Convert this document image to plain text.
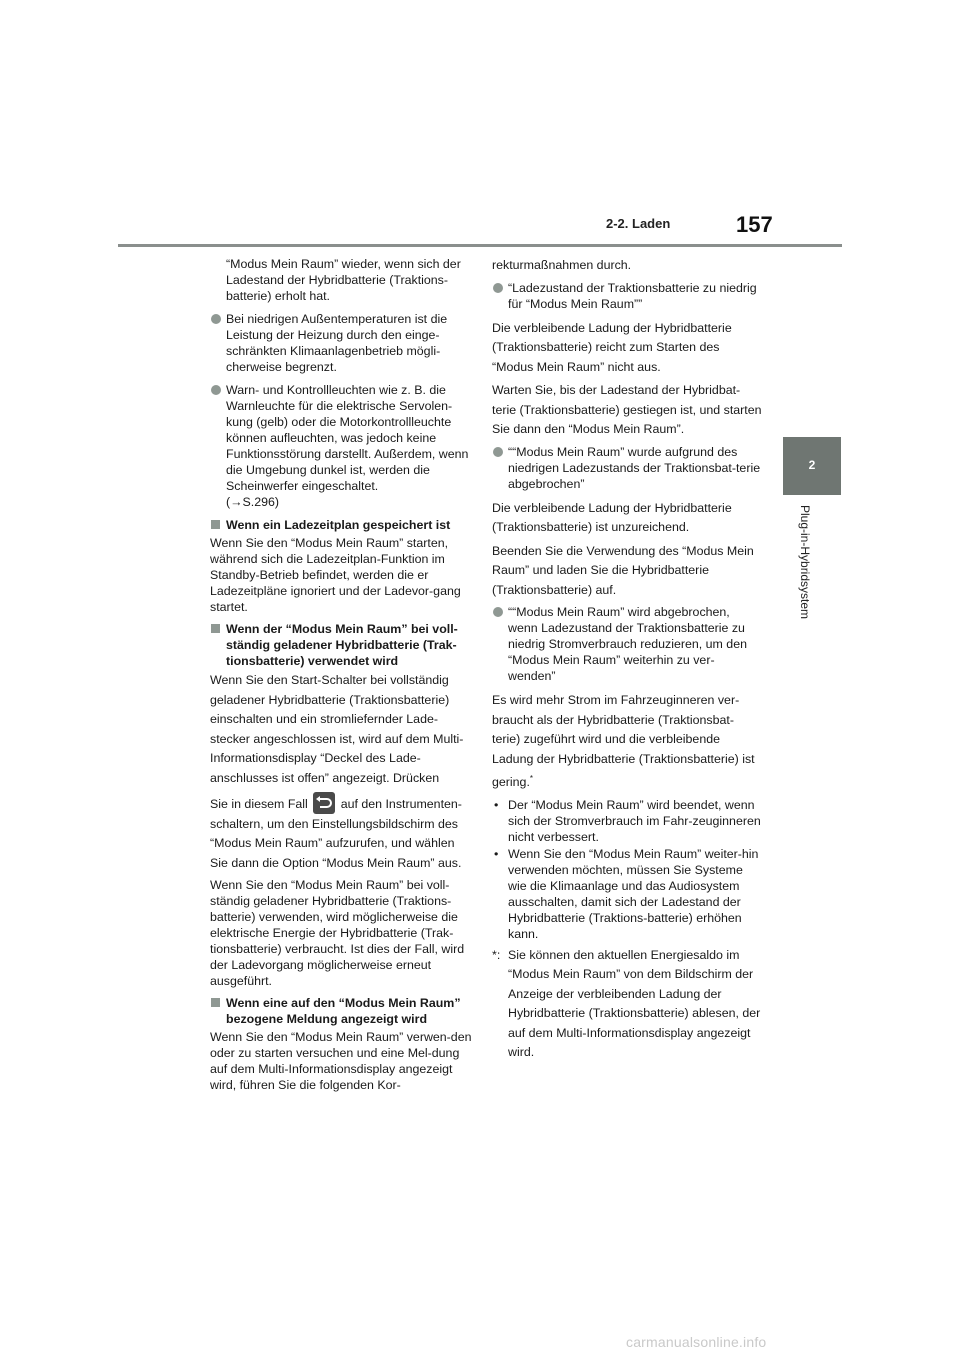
2-2. Laden	157
2
Plug-in-Hybridsystem

“Modus Mein Raum” wieder, wenn sich der Ladestand der Hybridbatterie (Traktions-batterie) erholt hat.

Bei niedrigen Außentemperaturen ist die Leistung der Heizung durch den einge-schränkten Klimaanlagenbetrieb mögli-cherweise begrenzt.

Warn- und Kontrollleuchten wie z. B. die Warnleuchte für die elektrische Servolen-kung (gelb) oder die Motorkontrollleuchte können aufleuchten, was jedoch keine Funktionsstörung darstellt. Außerdem, wenn die Umgebung dunkel ist, werden die Scheinwerfer eingeschaltet.
(→S.296)

Wenn ein Ladezeitplan gespeichert ist

Wenn Sie den “Modus Mein Raum” starten, während sich die Ladezeitplan-Funktion im Standby-Betrieb befindet, werden die er Ladezeitpläne ignoriert und der Ladevor-gang startet.

Wenn der “Modus Mein Raum” bei voll-ständig geladener Hybridbatterie (Trak-tionsbatterie) verwendet wird

Wenn Sie den Start-Schalter bei vollständig geladener Hybridbatterie (Traktionsbatterie) einschalten und ein stromliefernder Lade-stecker angeschlossen ist, wird auf dem Multi-Informationsdisplay “Deckel des Lade-anschlusses ist offen” angezeigt. Drücken

Sie in diesem Fall	auf den Instrumenten-schaltern, um den Einstellungsbildschirm des “Modus Mein Raum” aufzurufen, und wählen Sie dann die Option “Modus Mein Raum” aus.

Wenn Sie den “Modus Mein Raum” bei voll-ständig geladener Hybridbatterie (Traktions-batterie) verwenden, wird möglicherweise die elektrische Energie der Hybridbatterie (Trak-tionsbatterie) verbraucht. Ist dies der Fall, wird der Ladevorgang möglicherweise erneut ausgeführt.

Wenn eine auf den “Modus Mein Raum” bezogene Meldung angezeigt wird

Wenn Sie den “Modus Mein Raum” verwen-den oder zu starten versuchen und eine Mel-dung auf dem Multi-Informationsdisplay angezeigt wird, führen Sie die folgenden Kor-

rekturmaßnahmen durch.

“Ladezustand der Traktionsbatterie zu niedrig für “Modus Mein Raum””

Die verbleibende Ladung der Hybridbatterie (Traktionsbatterie) reicht zum Starten des “Modus Mein Raum” nicht aus.

Warten Sie, bis der Ladestand der Hybridbat-terie (Traktionsbatterie) gestiegen ist, und starten Sie dann den “Modus Mein Raum”.

““Modus Mein Raum” wurde aufgrund des niedrigen Ladezustands der Traktionsbat-terie abgebrochen”

Die verbleibende Ladung der Hybridbatterie (Traktionsbatterie) ist unzureichend.

Beenden Sie die Verwendung des “Modus Mein Raum” und laden Sie die Hybridbatterie (Traktionsbatterie) auf.

““Modus Mein Raum” wird abgebrochen, wenn Ladezustand der Traktionsbatterie zu niedrig Stromverbrauch reduzieren, um den “Modus Mein Raum” weiterhin zu ver-wenden”

Es wird mehr Strom im Fahrzeuginneren ver-braucht als der Hybridbatterie (Traktionsbat-terie) zugeführt wird und die verbleibende Ladung der Hybridbatterie (Traktionsbatterie) ist gering.*

• Der “Modus Mein Raum” wird beendet, wenn sich der Stromverbrauch im Fahr-zeuginneren nicht verbessert.

• Wenn Sie den “Modus Mein Raum” weiter-hin verwenden möchten, müssen Sie Systeme wie die Klimaanlage und das Audiosystem ausschalten, damit sich der Ladestand der Hybridbatterie (Traktions-batterie) erhöhen kann.

*: Sie können den aktuellen Energiesaldo im “Modus Mein Raum” von dem Bildschirm der Anzeige der verbleibenden Ladung der Hybridbatterie (Traktionsbatterie) ablesen, der auf dem Multi-Informationsdisplay angezeigt wird.

carmanualsonline.info
